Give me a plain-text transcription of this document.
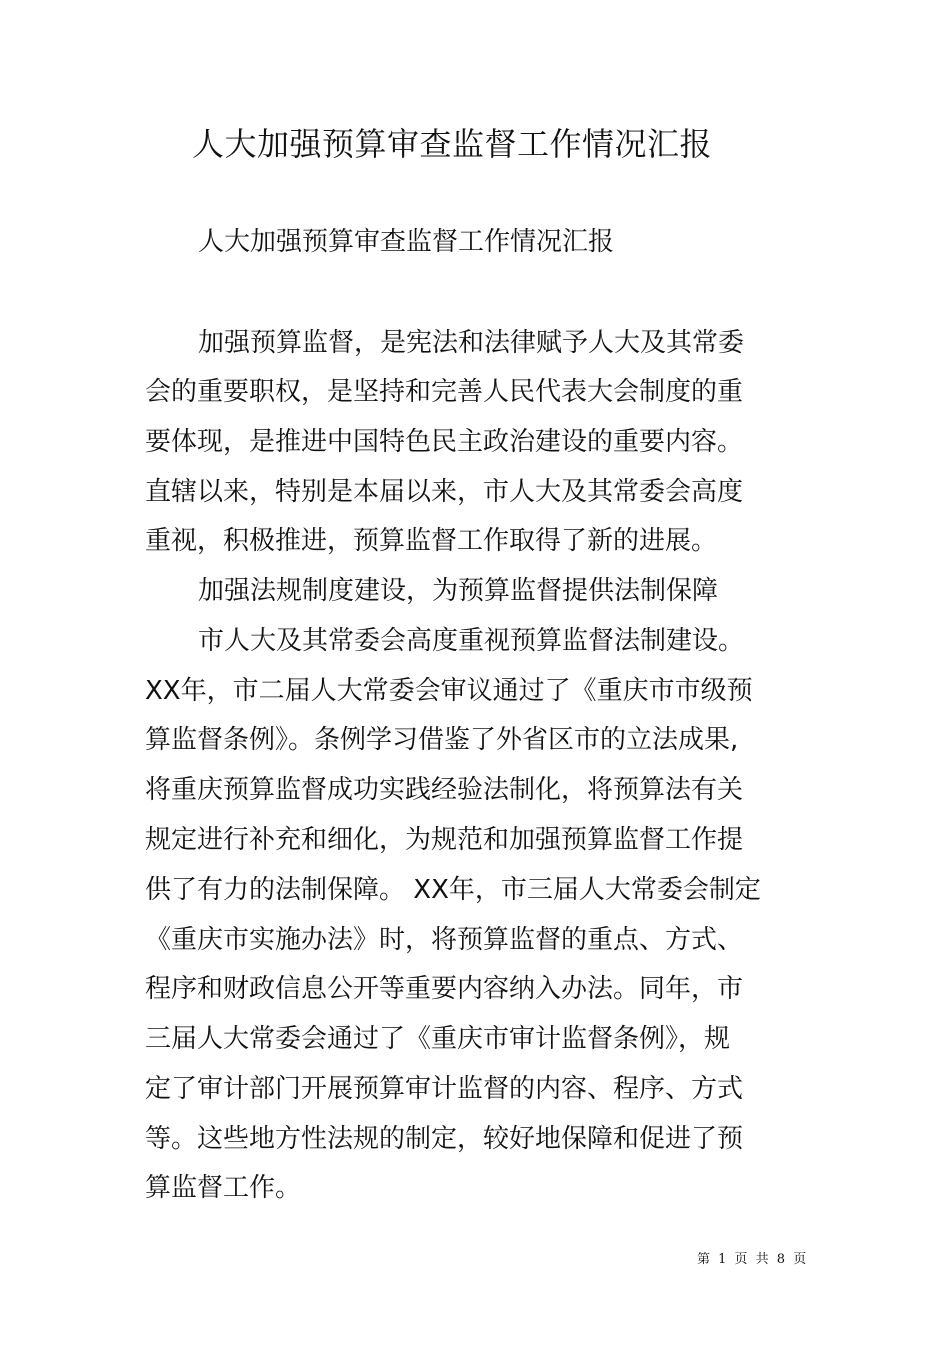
人大加强预算审查监督工作情况汇报
人大加强预算审查监督工作情况汇报
加强预算监督，是宪法和法律赋予人大及其常委
会的重要职权，是坚持和完善人民代表大会制度的重
要体现，是推进中国特色民主政治建设的重要内容。
直辖以来，特别是本届以来，市人大及其常委会高度
重视，积极推进，预算监督工作取得了新的进展。
加强法规制度建设，为预算监督提供法制保障
市人大及其常委会高度重视预算监督法制建设。
XX年，市二届人大常委会审议通过了《重庆市市级预
算监督条例》。条例学习借鉴了外省区市的立法成果,
将重庆预算监督成功实践经验法制化，将预算法有关
规定进行补充和细化，为规范和加强预算监督工作提
供了有力的法制保障。 XX年，市三届人大常委会制定
《重庆市实施办法》时，将预算监督的重点、方式、
程序和财政信息公开等重要内容纳入办法。同年，市
三届人大常委会通过了《重庆市审计监督条例》，规
定了审计部门开展预算审计监督的内容、程序、方式
等。这些地方性法规的制定，较好地保障和促进了预
算监督工作。
第 1 页 共 8 页
